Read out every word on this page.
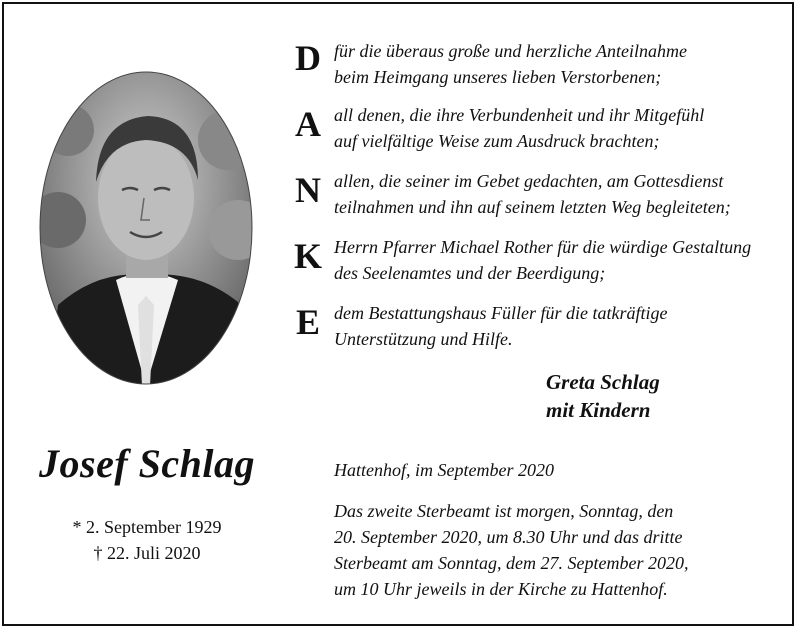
Josef Schlag
* 2. September 1929
† 22. Juli 2020
D für die überaus große und herzliche Anteilnahme
beim Heimgang unseres lieben Verstorbenen;
A all denen, die ihre Verbundenheit und ihr Mitgefühl
auf vielfältige Weise zum Ausdruck brachten;
N allen, die seiner im Gebet gedachten, am Gottesdienst
teilnahmen und ihn auf seinem letzten Weg begleiteten;
K Herrn Pfarrer Michael Rother für die würdige Gestaltung
des Seelenamtes und der Beerdigung;
E dem Bestattungshaus Füller für die tatkräftige
Unterstützung und Hilfe.
Greta Schlag
mit Kindern
Hattenhof, im September 2020
Das zweite Sterbeamt ist morgen, Sonntag, den
20. September 2020, um 8.30 Uhr und das dritte
Sterbeamt am Sonntag, dem 27. September 2020,
um 10 Uhr jeweils in der Kirche zu Hattenhof.
